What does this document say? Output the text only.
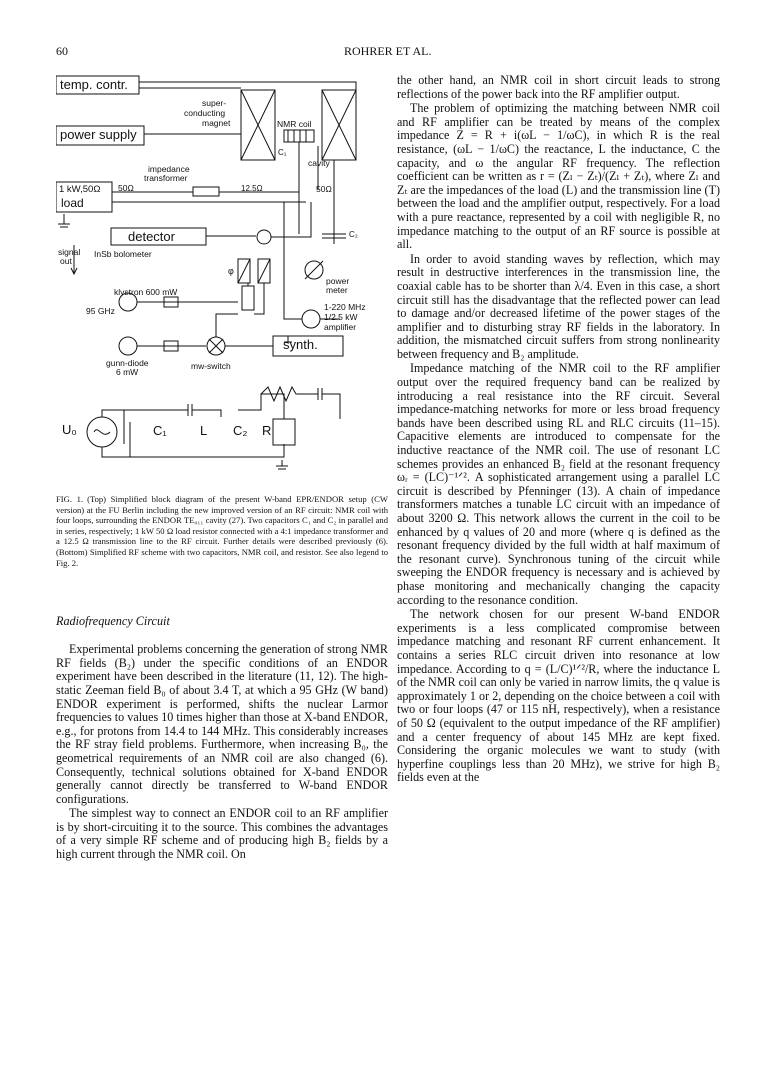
60	ROHRER ET AL.
temp. contr.
power supply
super-
conducting
magnet	NMR coil
C₁
cavity
impedance
transformer
1 kW,50Ω
load
50Ω	12.5Ω	50Ω
C₂
detector
signal
out
InSb bolometer
φ
power
meter
klystron 600 mW
95 GHz	1-220 MHz
1/2.5 kW
amplifier
gunn-diode
6 mW
mw-switch
synth.
U₀	C₁	L C₂ R
FIG. 1. (Top) Simplified block diagram of the present W-band EPR/ENDOR setup (CW version) at the FU Berlin including the new improved version of an RF circuit: NMR coil with four loops, surrounding the ENDOR TE₀₁₁ cavity (27). Two capacitors C₁ and C₂ in parallel and in series, respectively; 1 kW 50 Ω load resistor connected with a 4:1 impedance transformer and a 12.5 Ω transmission line to the RF circuit. Further details were described previously (6). (Bottom) Simplified RF scheme with two capacitors, NMR coil, and resistor. See also legend to Fig. 2.
Radiofrequency Circuit

Experimental problems concerning the generation of strong NMR RF fields (B₂) under the specific conditions of an ENDOR experiment have been described in the literature (11, 12). The high-static Zeeman field B₀ of about 3.4 T, at which a 95 GHz (W band) ENDOR experiment is performed, shifts the nuclear Larmor frequencies to values 10 times higher than those at X-band ENDOR, e.g., for protons from 14.4 to 144 MHz. This considerably increases the RF stray field problems. Furthermore, when increasing B₀, the geometrical requirements of an NMR coil are also changed (6). Consequently, technical solutions obtained for X-band ENDOR generally cannot directly be transferred to W-band ENDOR configurations.

The simplest way to connect an ENDOR coil to an RF amplifier is by short-circuiting it to the source. This combines the advantages of a very simple RF scheme and of producing high B₂ fields by a high current through the NMR coil. On

the other hand, an NMR coil in short circuit leads to strong reflections of the power back into the RF amplifier output.

The problem of optimizing the matching between NMR coil and RF amplifier can be treated by means of the complex impedance Z = R + i(ωL − 1/ωC), in which R is the real resistance, (ωL − 1/ωC) the reactance, L the inductance, C the capacity, and ω the angular RF frequency. The reflection coefficient can be written as r = (Zₗ − Zₜ)/(Zₗ + Zₜ), where Zₗ and Zₜ are the impedances of the load (L) and the transmission line (T) between the load and the amplifier output, respectively. For a load with a pure reactance, represented by a coil with negligible R, no impedance matching to the output of an RF source is possible at all.

In order to avoid standing waves by reflection, which may result in destructive interferences in the transmission line, the coaxial cable has to be shorter than λ/4. Even in this case, a short circuit still has the disadvantage that the reflected power can lead to damage and/or decreased lifetime of the power stages of the amplifier and to disturbing stray RF fields in the laboratory. In addition, the mismatched circuit suffers from strong nonlinearity between frequency and B₂ amplitude.

Impedance matching of the NMR coil to the RF amplifier output over the required frequency band can be realized by introducing a real resistance into the RF circuit. Several impedance-matching networks for more or less broad frequency bands have been described using RL and RLC circuits (11–15). Capacitive elements are introduced to compensate for the inductive reactance of the NMR coil. The use of resonant LC schemes provides an enhanced B₂ field at the resonant frequency ωᵣ = (LC)⁻¹ᐟ². A sophisticated arrangement using a parallel LC circuit is described by Pfenninger (13). A chain of impedance transformers matches a tunable LC circuit with an impedance of about 3200 Ω. This network allows the current in the coil to be enhanced by q values of 20 and more (where q is defined as the resonant frequency divided by the full width at half maximum of the resonant curve). Synchronous tuning of the circuit while sweeping the ENDOR frequency is necessary and is achieved by phase monitoring and mechanically changing the capacity according to the resonance condition.

The network chosen for our present W-band ENDOR experiments is a less complicated compromise between impedance matching and resonant RF current enhancement. It contains a series RLC circuit driven into resonance at low impedance. According to q = (L/C)¹ᐟ²/R, where the inductance L of the NMR coil can only be varied in narrow limits, the q value is approximately 1 or 2, depending on the choice between a coil with two or four loops (47 or 115 nH, respectively), when a resistance of 50 Ω (equivalent to the output impedance of the RF amplifier) and a center frequency of about 145 MHz are kept fixed. Considering the organic molecules we want to study (with hyperfine couplings less than 20 MHz), we strive for high B₂ fields even at the
